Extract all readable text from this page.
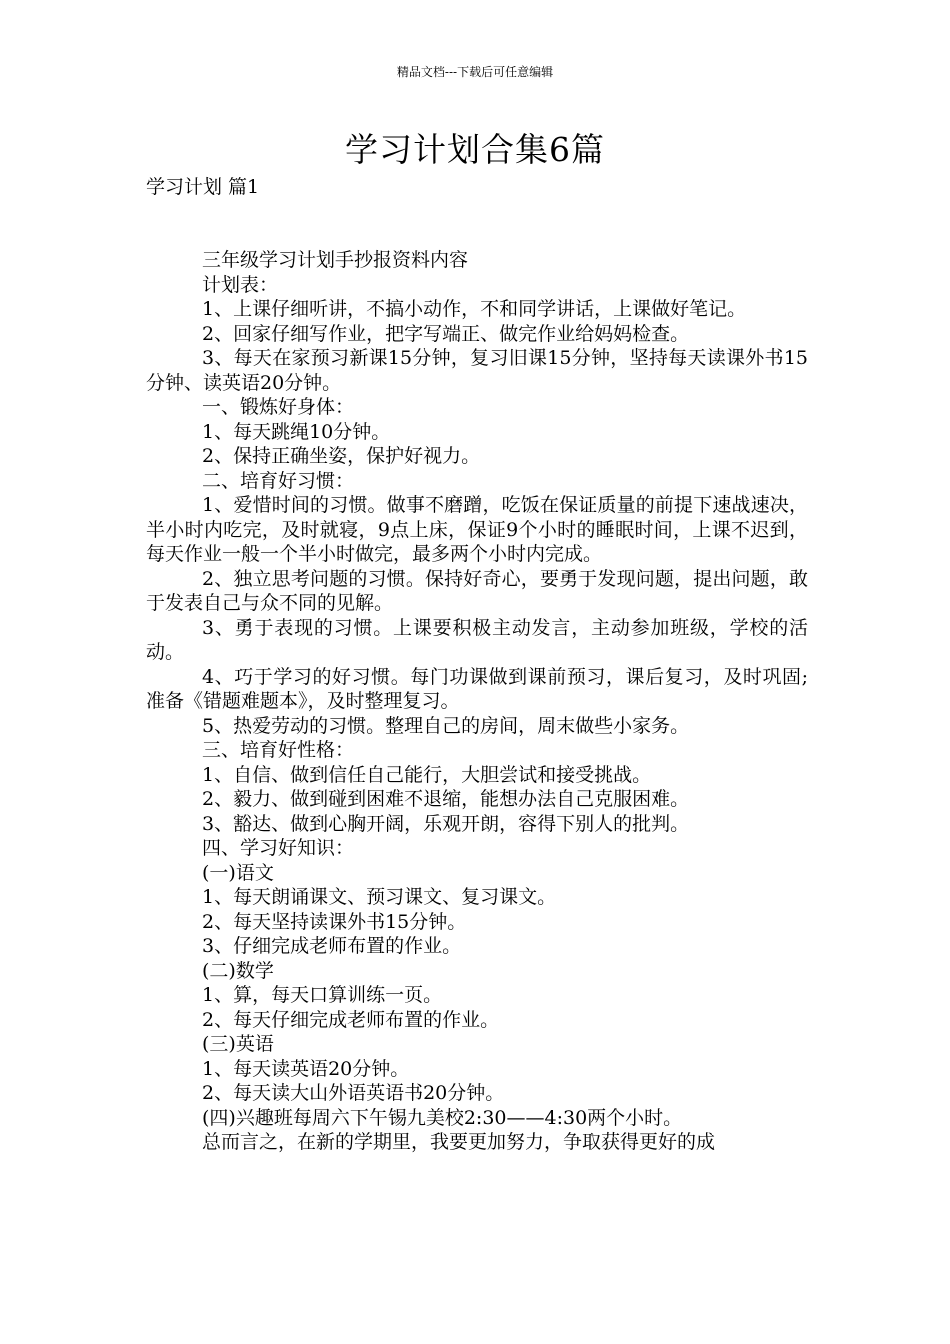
精品文档---下载后可任意编辑
学习计划合集6篇
学习计划 篇1

三年级学习计划手抄报资料内容

计划表：

1、上课仔细听讲，不搞小动作，不和同学讲话，上课做好笔记。

2、回家仔细写作业，把字写端正、做完作业给妈妈检查。

3、每天在家预习新课15分钟，复习旧课15分钟，坚持每天读课外书15分钟、读英语20分钟。

一、锻炼好身体：

1、每天跳绳10分钟。

2、保持正确坐姿，保护好视力。

二、培育好习惯：

1、爱惜时间的习惯。做事不磨蹭，吃饭在保证质量的前提下速战速决，半小时内吃完，及时就寝，9点上床，保证9个小时的睡眠时间，上课不迟到，每天作业一般一个半小时做完，最多两个小时内完成。

2、独立思考问题的习惯。保持好奇心，要勇于发现问题，提出问题，敢于发表自己与众不同的见解。

3、勇于表现的习惯。上课要积极主动发言，主动参加班级，学校的活动。

4、巧于学习的好习惯。每门功课做到课前预习，课后复习，及时巩固;准备《错题难题本》，及时整理复习。

5、热爱劳动的习惯。整理自己的房间，周末做些小家务。

三、培育好性格：

1、自信、做到信任自己能行，大胆尝试和接受挑战。

2、毅力、做到碰到困难不退缩，能想办法自己克服困难。

3、豁达、做到心胸开阔，乐观开朗，容得下别人的批判。

四、学习好知识：

(一)语文

1、每天朗诵课文、预习课文、复习课文。

2、每天坚持读课外书15分钟。

3、仔细完成老师布置的作业。

(二)数学

1、算，每天口算训练一页。

2、每天仔细完成老师布置的作业。

(三)英语

1、每天读英语20分钟。

2、每天读大山外语英语书20分钟。

(四)兴趣班每周六下午锡九美校2:30——4:30两个小时。

总而言之，在新的学期里，我要更加努力，争取获得更好的成
